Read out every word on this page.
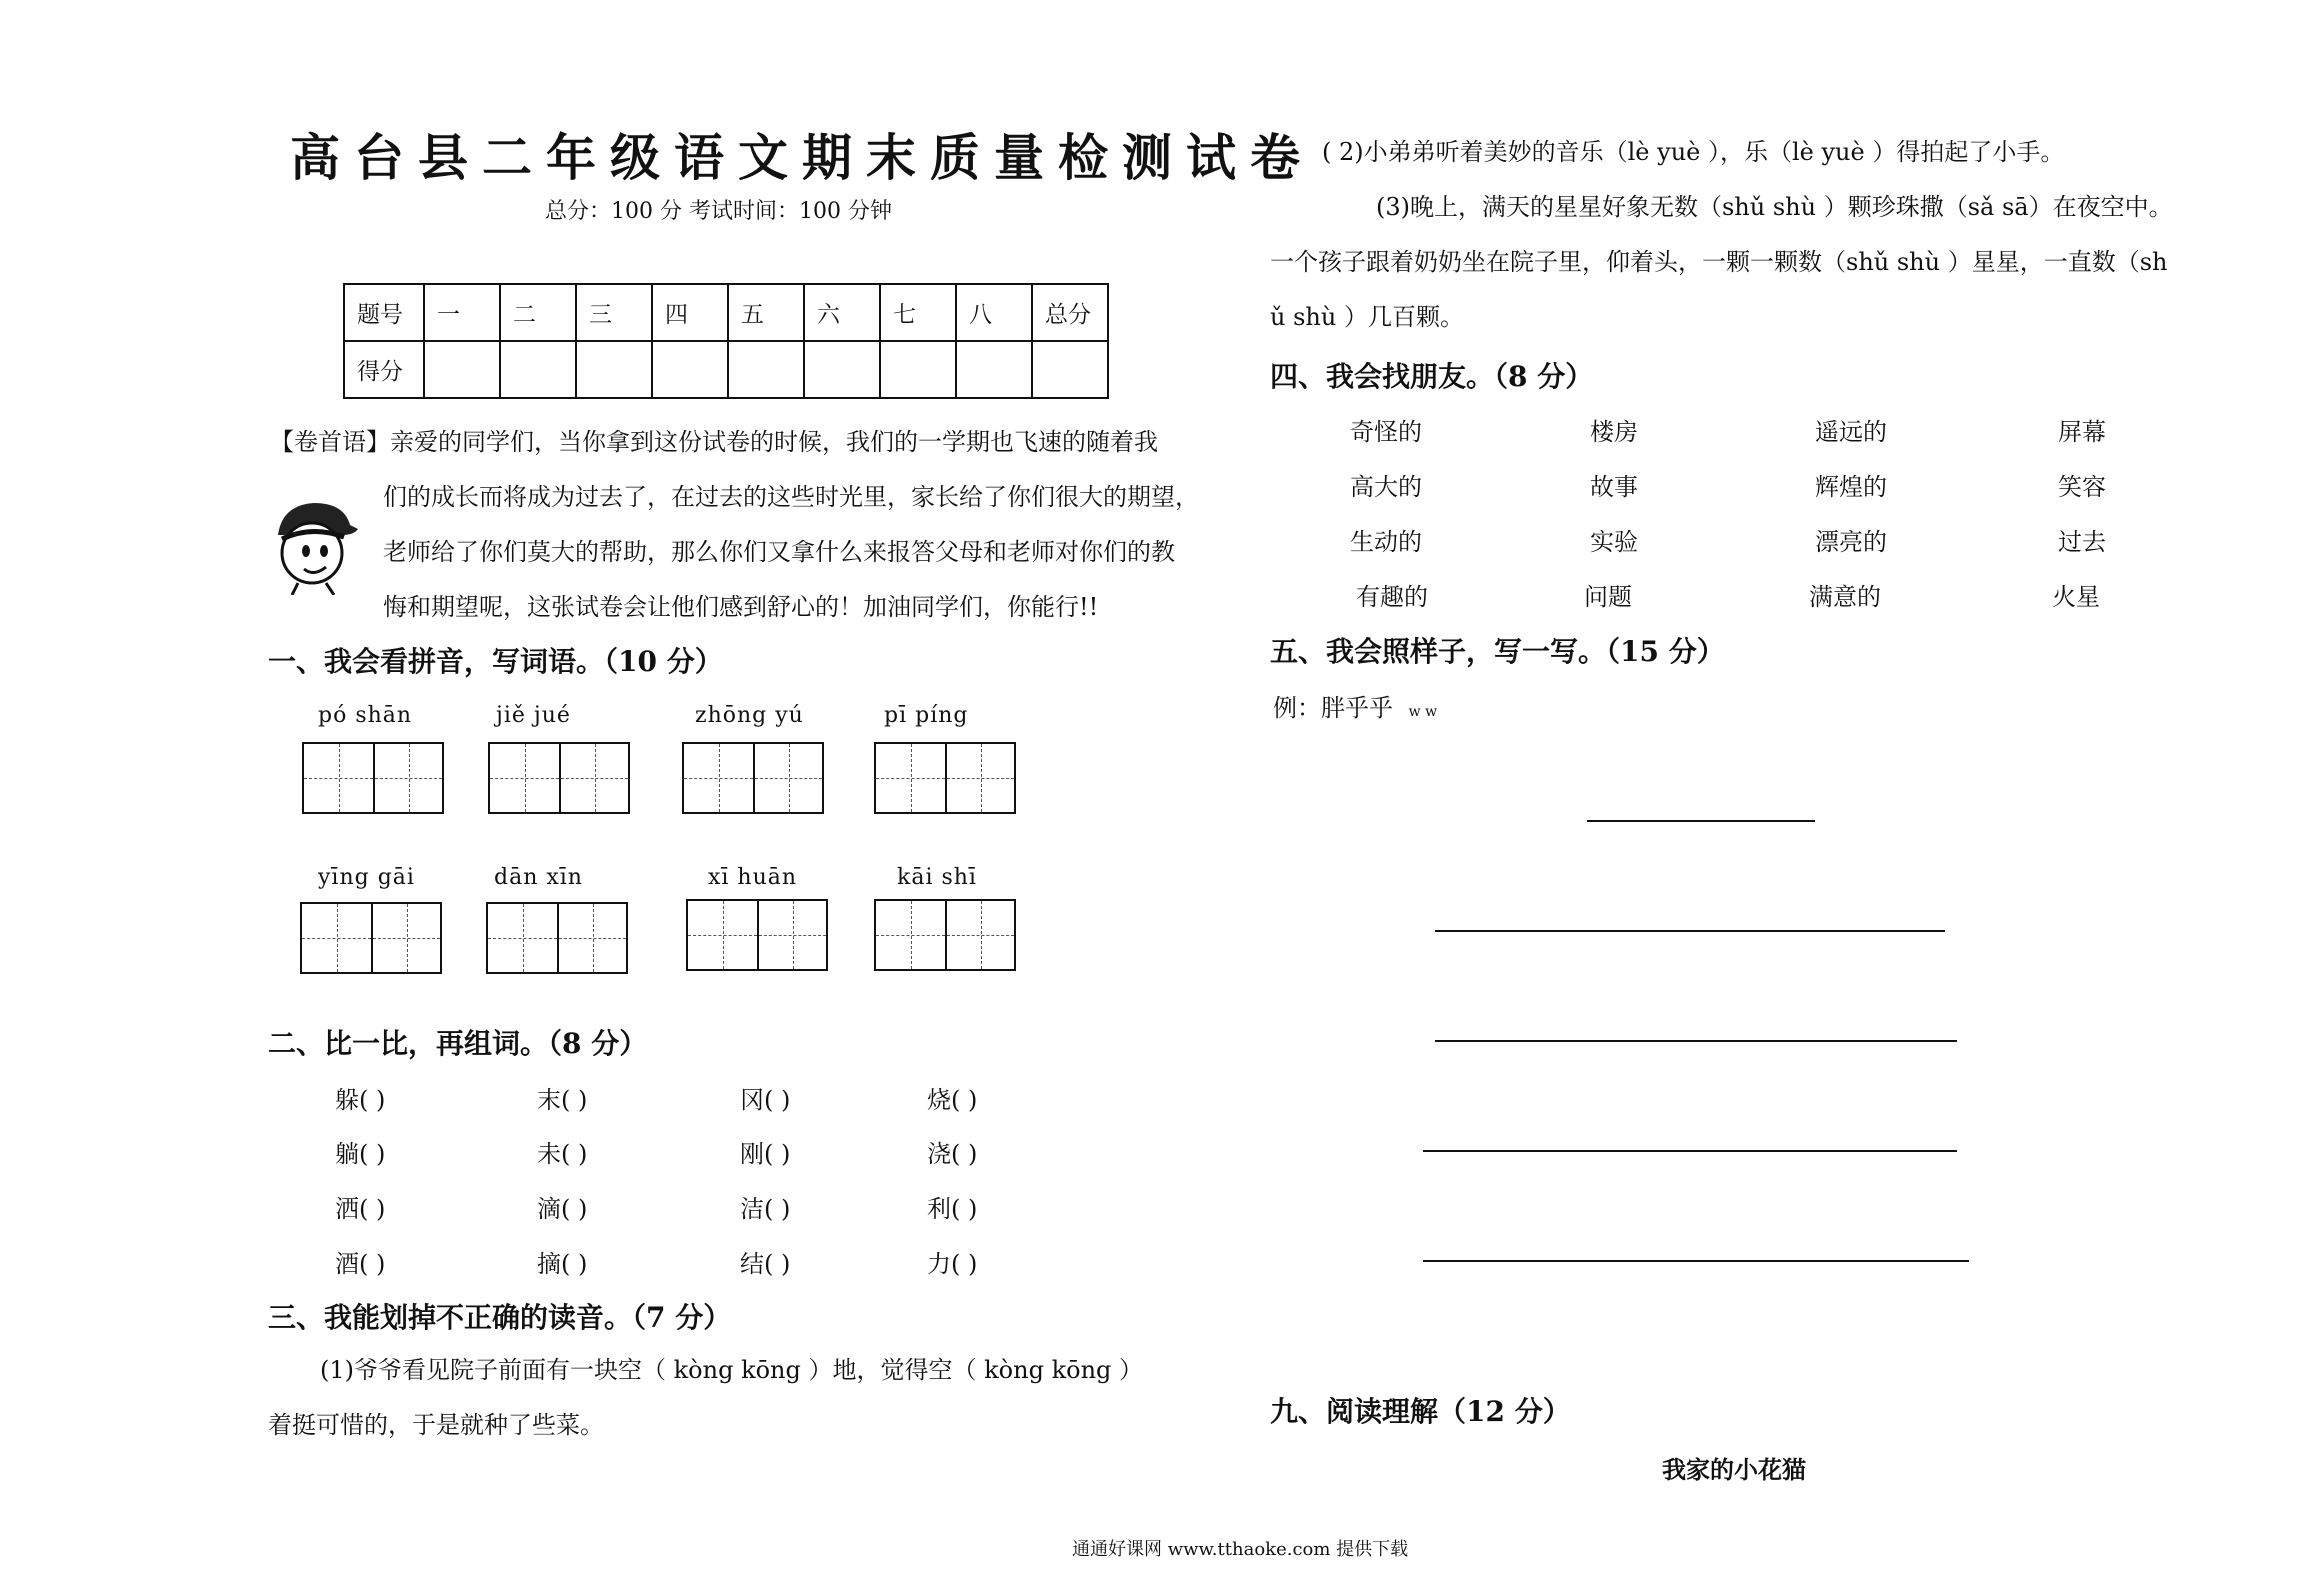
高台县二年级语文期末质量检测试卷
总分：100 分 考试时间：100 分钟
题号	一	二	三	四	五	六	七	八	总分
得分									
【卷首语】亲爱的同学们，当你拿到这份试卷的时候，我们的一学期也飞速的随着我
们的成长而将成为过去了，在过去的这些时光里，家长给了你们很大的期望，
老师给了你们莫大的帮助，那么你们又拿什么来报答父母和老师对你们的教
悔和期望呢，这张试卷会让他们感到舒心的！加油同学们，你能行!!
一、我会看拼音，写词语。（10 分）
pó shān	jiě jué	zhōng yú	pī píng
yīng gāi	dān xīn	xī huān	kāi shī
二、比一比，再组词。（8 分）
躲( )	末( )	冈( )	烧( )
躺( )	未( )	刚( )	浇( )
洒( )	滴( )	洁( )	利( )
酒( )	摘( )	结( )	力( )
三、我能划掉不正确的读音。（7 分）
(1)爷爷看见院子前面有一块空（ kòng kōng ）地，觉得空（ kòng kōng ）
着挺可惜的，于是就种了些菜。
( 2)小弟弟听着美妙的音乐（lè yuè ），乐（lè yuè ）得拍起了小手。
(3)晚上，满天的星星好象无数（shǔ shù ）颗珍珠撒（sǎ sā）在夜空中。
一个孩子跟着奶奶坐在院子里，仰着头，一颗一颗数（shǔ shù ）星星，一直数（sh
ǔ shù ）几百颗。
四、我会找朋友。（8 分）
奇怪的	楼房	遥远的	屏幕
高大的	故事	辉煌的	笑容
生动的	实验	漂亮的	过去
有趣的	问题	满意的	火星
五、我会照样子，写一写。（15 分）
例：胖乎乎 w w
九、阅读理解（12 分）
我家的小花猫
通通好课网 www.tthaoke.com 提供下载
